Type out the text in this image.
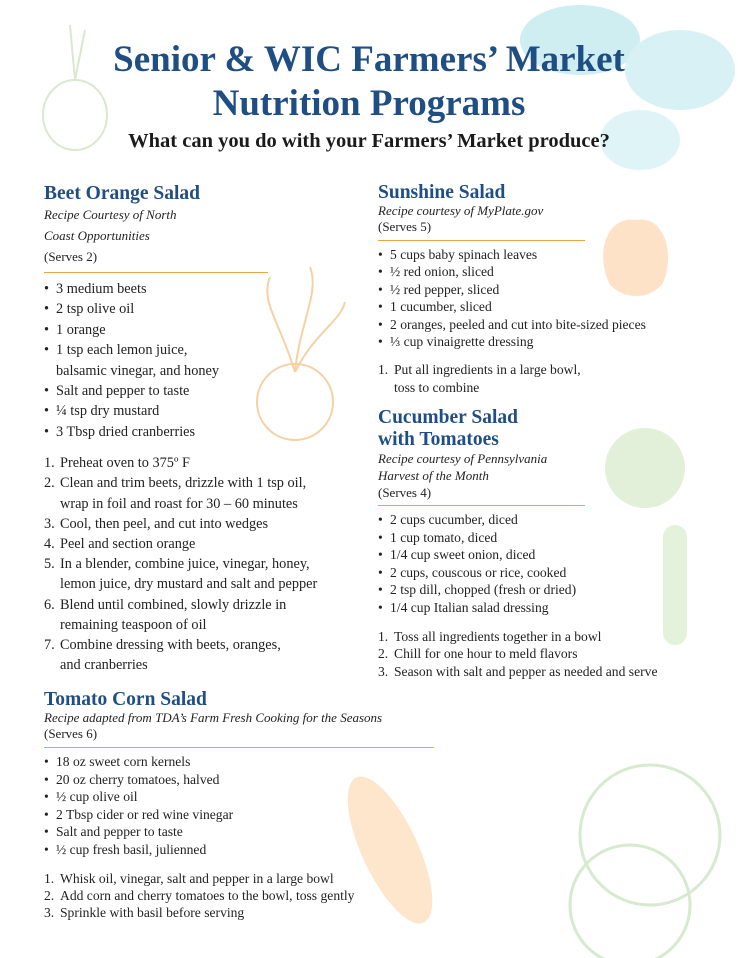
Senior & WIC Farmers’ Market
Nutrition Programs
What can you do with your Farmers’ Market produce?
Beet Orange Salad
Recipe Courtesy of North
Coast Opportunities
(Serves 2)
• 3 medium beets
• 2 tsp olive oil
• 1 orange
• 1 tsp each lemon juice,
balsamic vinegar, and honey
• Salt and pepper to taste
• ¼ tsp dry mustard
• 3 Tbsp dried cranberries
1. Preheat oven to 375º F
2. Clean and trim beets, drizzle with 1 tsp oil,
wrap in foil and roast for 30 – 60 minutes
3. Cool, then peel, and cut into wedges
4. Peel and section orange
5. In a blender, combine juice, vinegar, honey,
lemon juice, dry mustard and salt and pepper
6. Blend until combined, slowly drizzle in
remaining teaspoon of oil
7. Combine dressing with beets, oranges,
and cranberries
Sunshine Salad
Recipe courtesy of MyPlate.gov
(Serves 5)
• 5 cups baby spinach leaves
• ½ red onion, sliced
• ½ red pepper, sliced
• 1 cucumber, sliced
• 2 oranges, peeled and cut into bite-sized pieces
• ⅓ cup vinaigrette dressing
1. Put all ingredients in a large bowl,
toss to combine
Cucumber Salad
with Tomatoes
Recipe courtesy of Pennsylvania
Harvest of the Month
(Serves 4)
• 2 cups cucumber, diced
• 1 cup tomato, diced
• 1/4 cup sweet onion, diced
• 2 cups, couscous or rice, cooked
• 2 tsp dill, chopped (fresh or dried)
• 1/4 cup Italian salad dressing
1. Toss all ingredients together in a bowl
2. Chill for one hour to meld flavors
3. Season with salt and pepper as needed and serve
Tomato Corn Salad
Recipe adapted from TDA’s Farm Fresh Cooking for the Seasons
(Serves 6)
• 18 oz sweet corn kernels
• 20 oz cherry tomatoes, halved
• ½ cup olive oil
• 2 Tbsp cider or red wine vinegar
• Salt and pepper to taste
• ½ cup fresh basil, julienned
1. Whisk oil, vinegar, salt and pepper in a large bowl
2. Add corn and cherry tomatoes to the bowl, toss gently
3. Sprinkle with basil before serving
